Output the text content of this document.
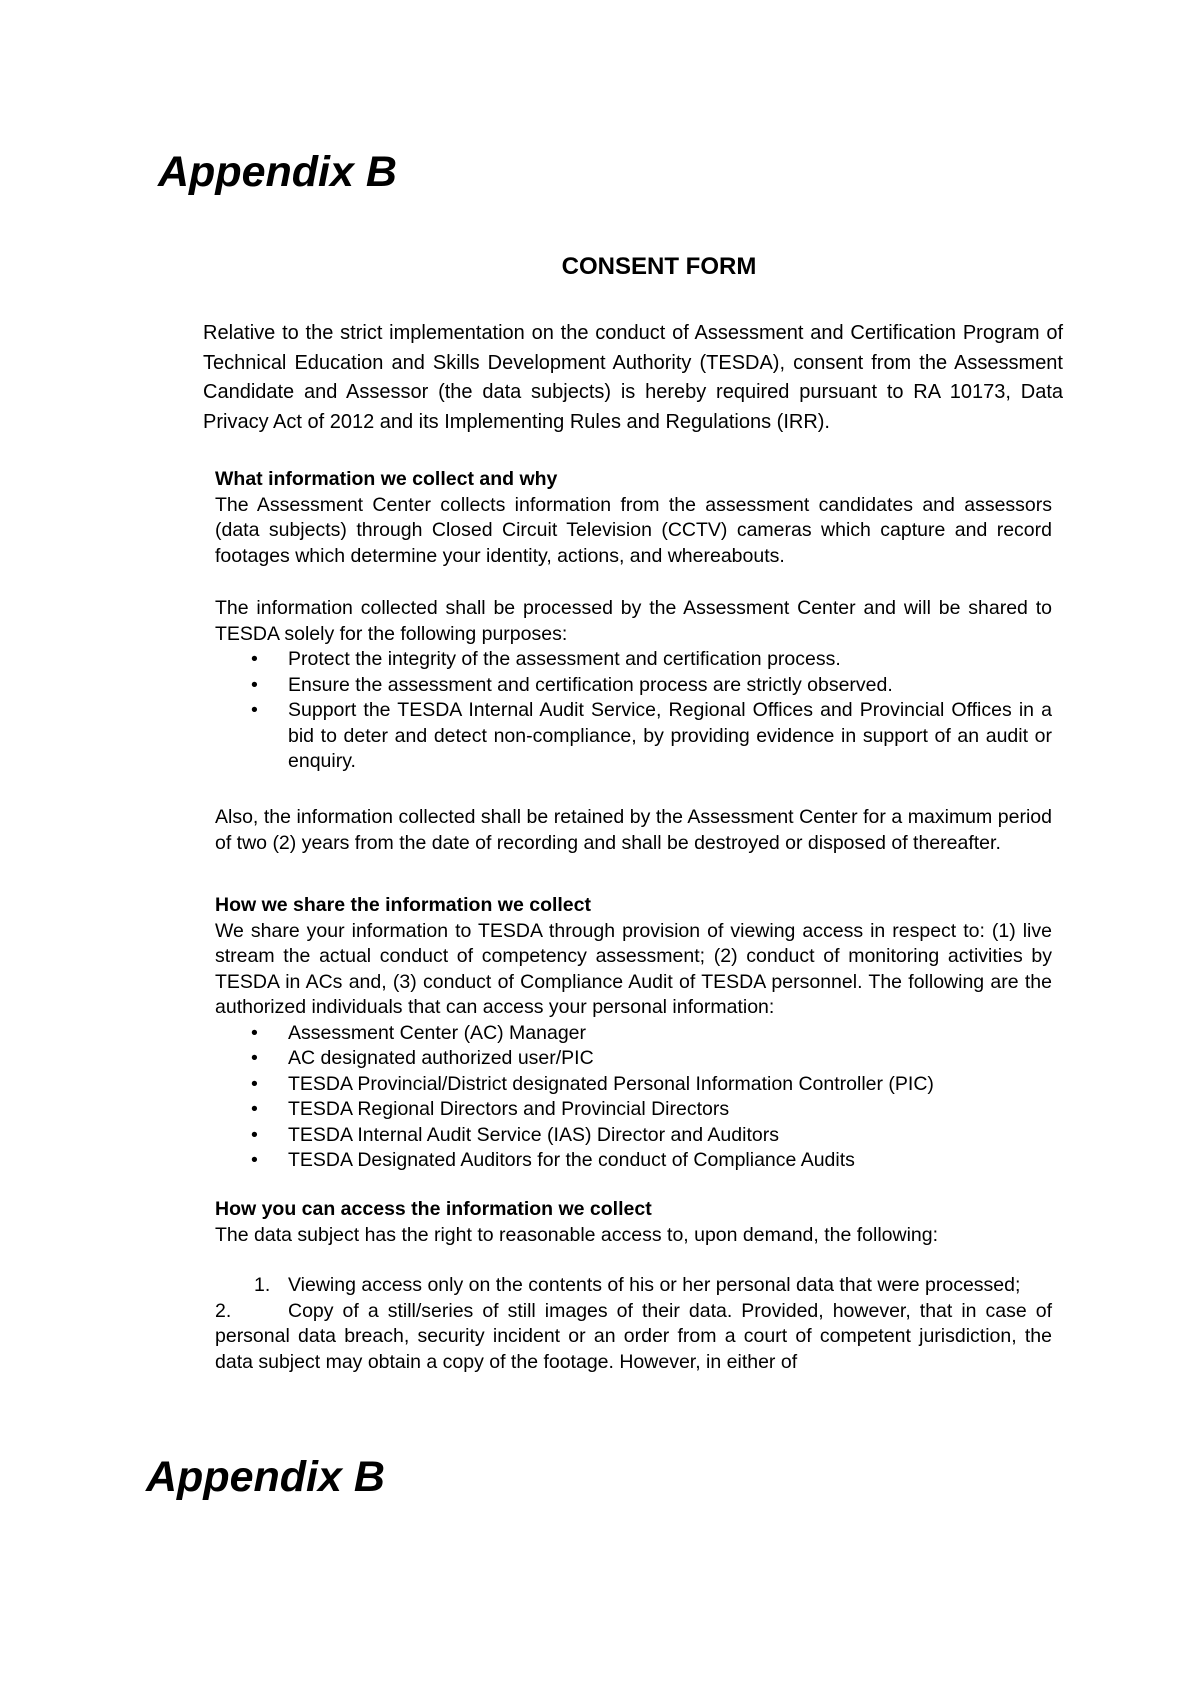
Appendix B
CONSENT FORM

Relative to the strict implementation on the conduct of Assessment and Certification Program of Technical Education and Skills Development Authority (TESDA), consent from the Assessment Candidate and Assessor (the data subjects) is hereby required pursuant to RA 10173, Data Privacy Act of 2012 and its Implementing Rules and Regulations (IRR).

What information we collect and why

The Assessment Center collects information from the assessment candidates and assessors (data subjects) through Closed Circuit Television (CCTV) cameras which capture and record footages which determine your identity, actions, and whereabouts.

The information collected shall be processed by the Assessment Center and will be shared to TESDA solely for the following purposes:

• Protect the integrity of the assessment and certification process.
• Ensure the assessment and certification process are strictly observed.
• Support the TESDA Internal Audit Service, Regional Offices and Provincial Offices in a bid to deter and detect non-compliance, by providing evidence in support of an audit or enquiry.

Also, the information collected shall be retained by the Assessment Center for a maximum period of two (2) years from the date of recording and shall be destroyed or disposed of thereafter.

How we share the information we collect

We share your information to TESDA through provision of viewing access in respect to: (1) live stream the actual conduct of competency assessment; (2) conduct of monitoring activities by TESDA in ACs and, (3) conduct of Compliance Audit of TESDA personnel. The following are the authorized individuals that can access your personal information:

• Assessment Center (AC) Manager
• AC designated authorized user/PIC
• TESDA Provincial/District designated Personal Information Controller (PIC)
• TESDA Regional Directors and Provincial Directors
• TESDA Internal Audit Service (IAS) Director and Auditors
• TESDA Designated Auditors for the conduct of Compliance Audits
How you can access the information we collect

The data subject has the right to reasonable access to, upon demand, the following:

1. Viewing access only on the contents of his or her personal data that were processed;

2.	Copy of a still/series of still images of their data. Provided, however, that in case of personal data breach, security incident or an order from a court of competent jurisdiction, the data subject may obtain a copy of the footage. However, in either of

Appendix B
